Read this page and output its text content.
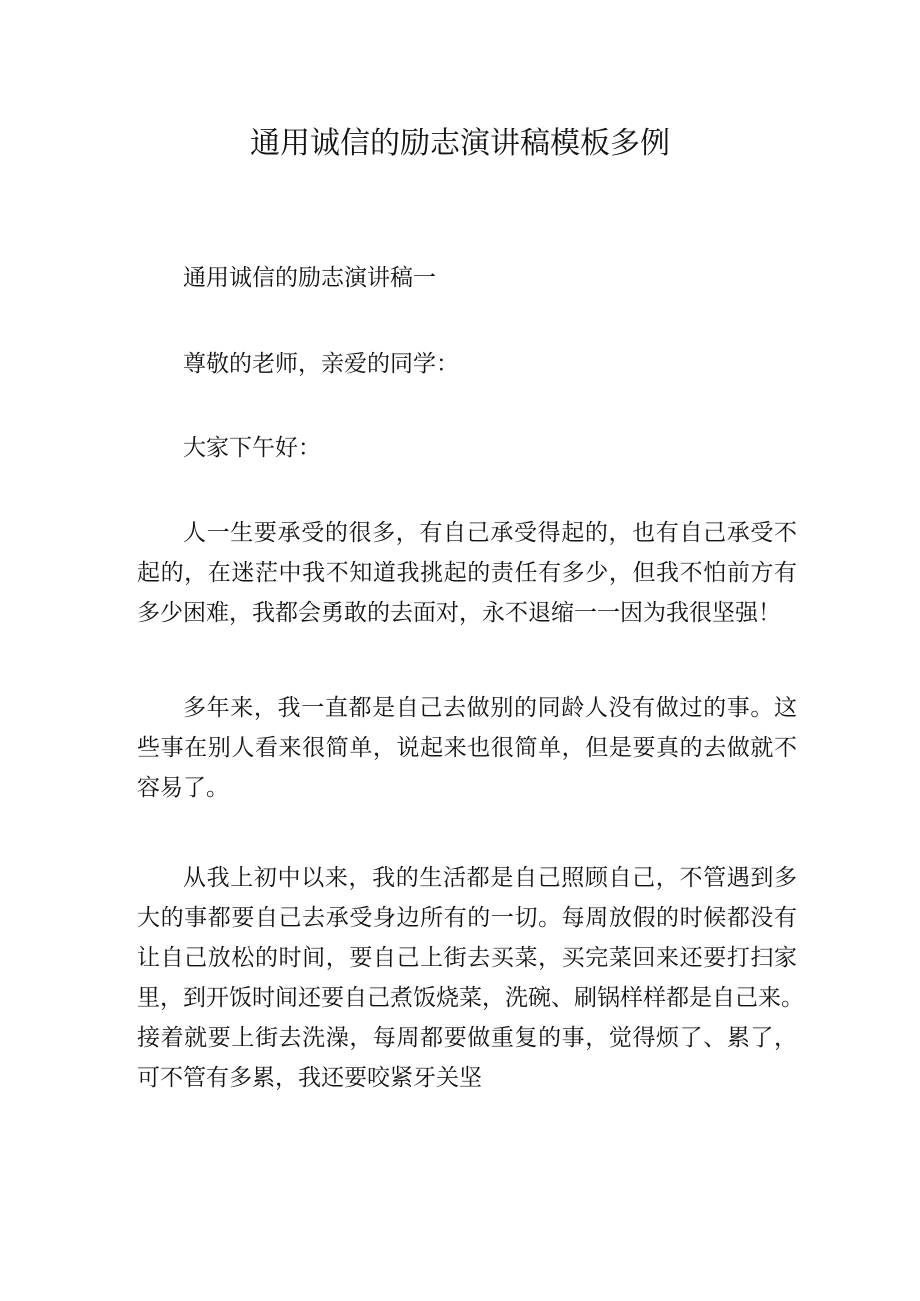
通用诚信的励志演讲稿模板多例

通用诚信的励志演讲稿一

尊敬的老师，亲爱的同学：

大家下午好：

人一生要承受的很多，有自己承受得起的，也有自己承受不
起的，在迷茫中我不知道我挑起的责任有多少，但我不怕前方有
多少困难，我都会勇敢的去面对，永不退缩一一因为我很坚强！
多年来，我一直都是自己去做别的同龄人没有做过的事。这
些事在别人看来很简单，说起来也很简单，但是要真的去做就不
容易了。
从我上初中以来，我的生活都是自己照顾自己，不管遇到多
大的事都要自己去承受身边所有的一切。每周放假的时候都没有
让自己放松的时间，要自己上街去买菜，买完菜回来还要打扫家
里，到开饭时间还要自己煮饭烧菜，洗碗、刷锅样样都是自己来。
接着就要上街去洗澡，每周都要做重复的事，觉得烦了、累了，
可不管有多累，我还要咬紧牙关坚
